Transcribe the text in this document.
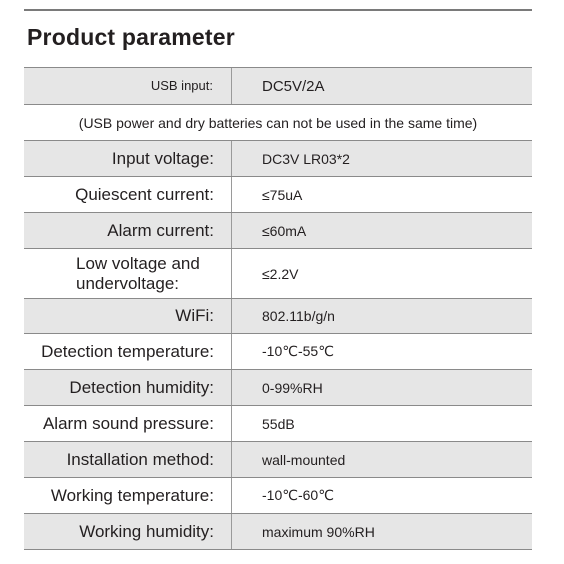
Product parameter
USB input:	DC5V/2A
(USB power and dry batteries can not be used in the same time)
Input voltage:	DC3V LR03*2
Quiescent current:	≤75uA
Alarm current:	≤60mA
Low voltage and undervoltage:	≤2.2V
WiFi:	802.11b/g/n
Detection temperature:	-10℃-55℃
Detection humidity:	0-99%RH
Alarm sound pressure:	55dB
Installation method:	wall-mounted
Working temperature:	-10℃-60℃
Working humidity:	maximum 90%RH
